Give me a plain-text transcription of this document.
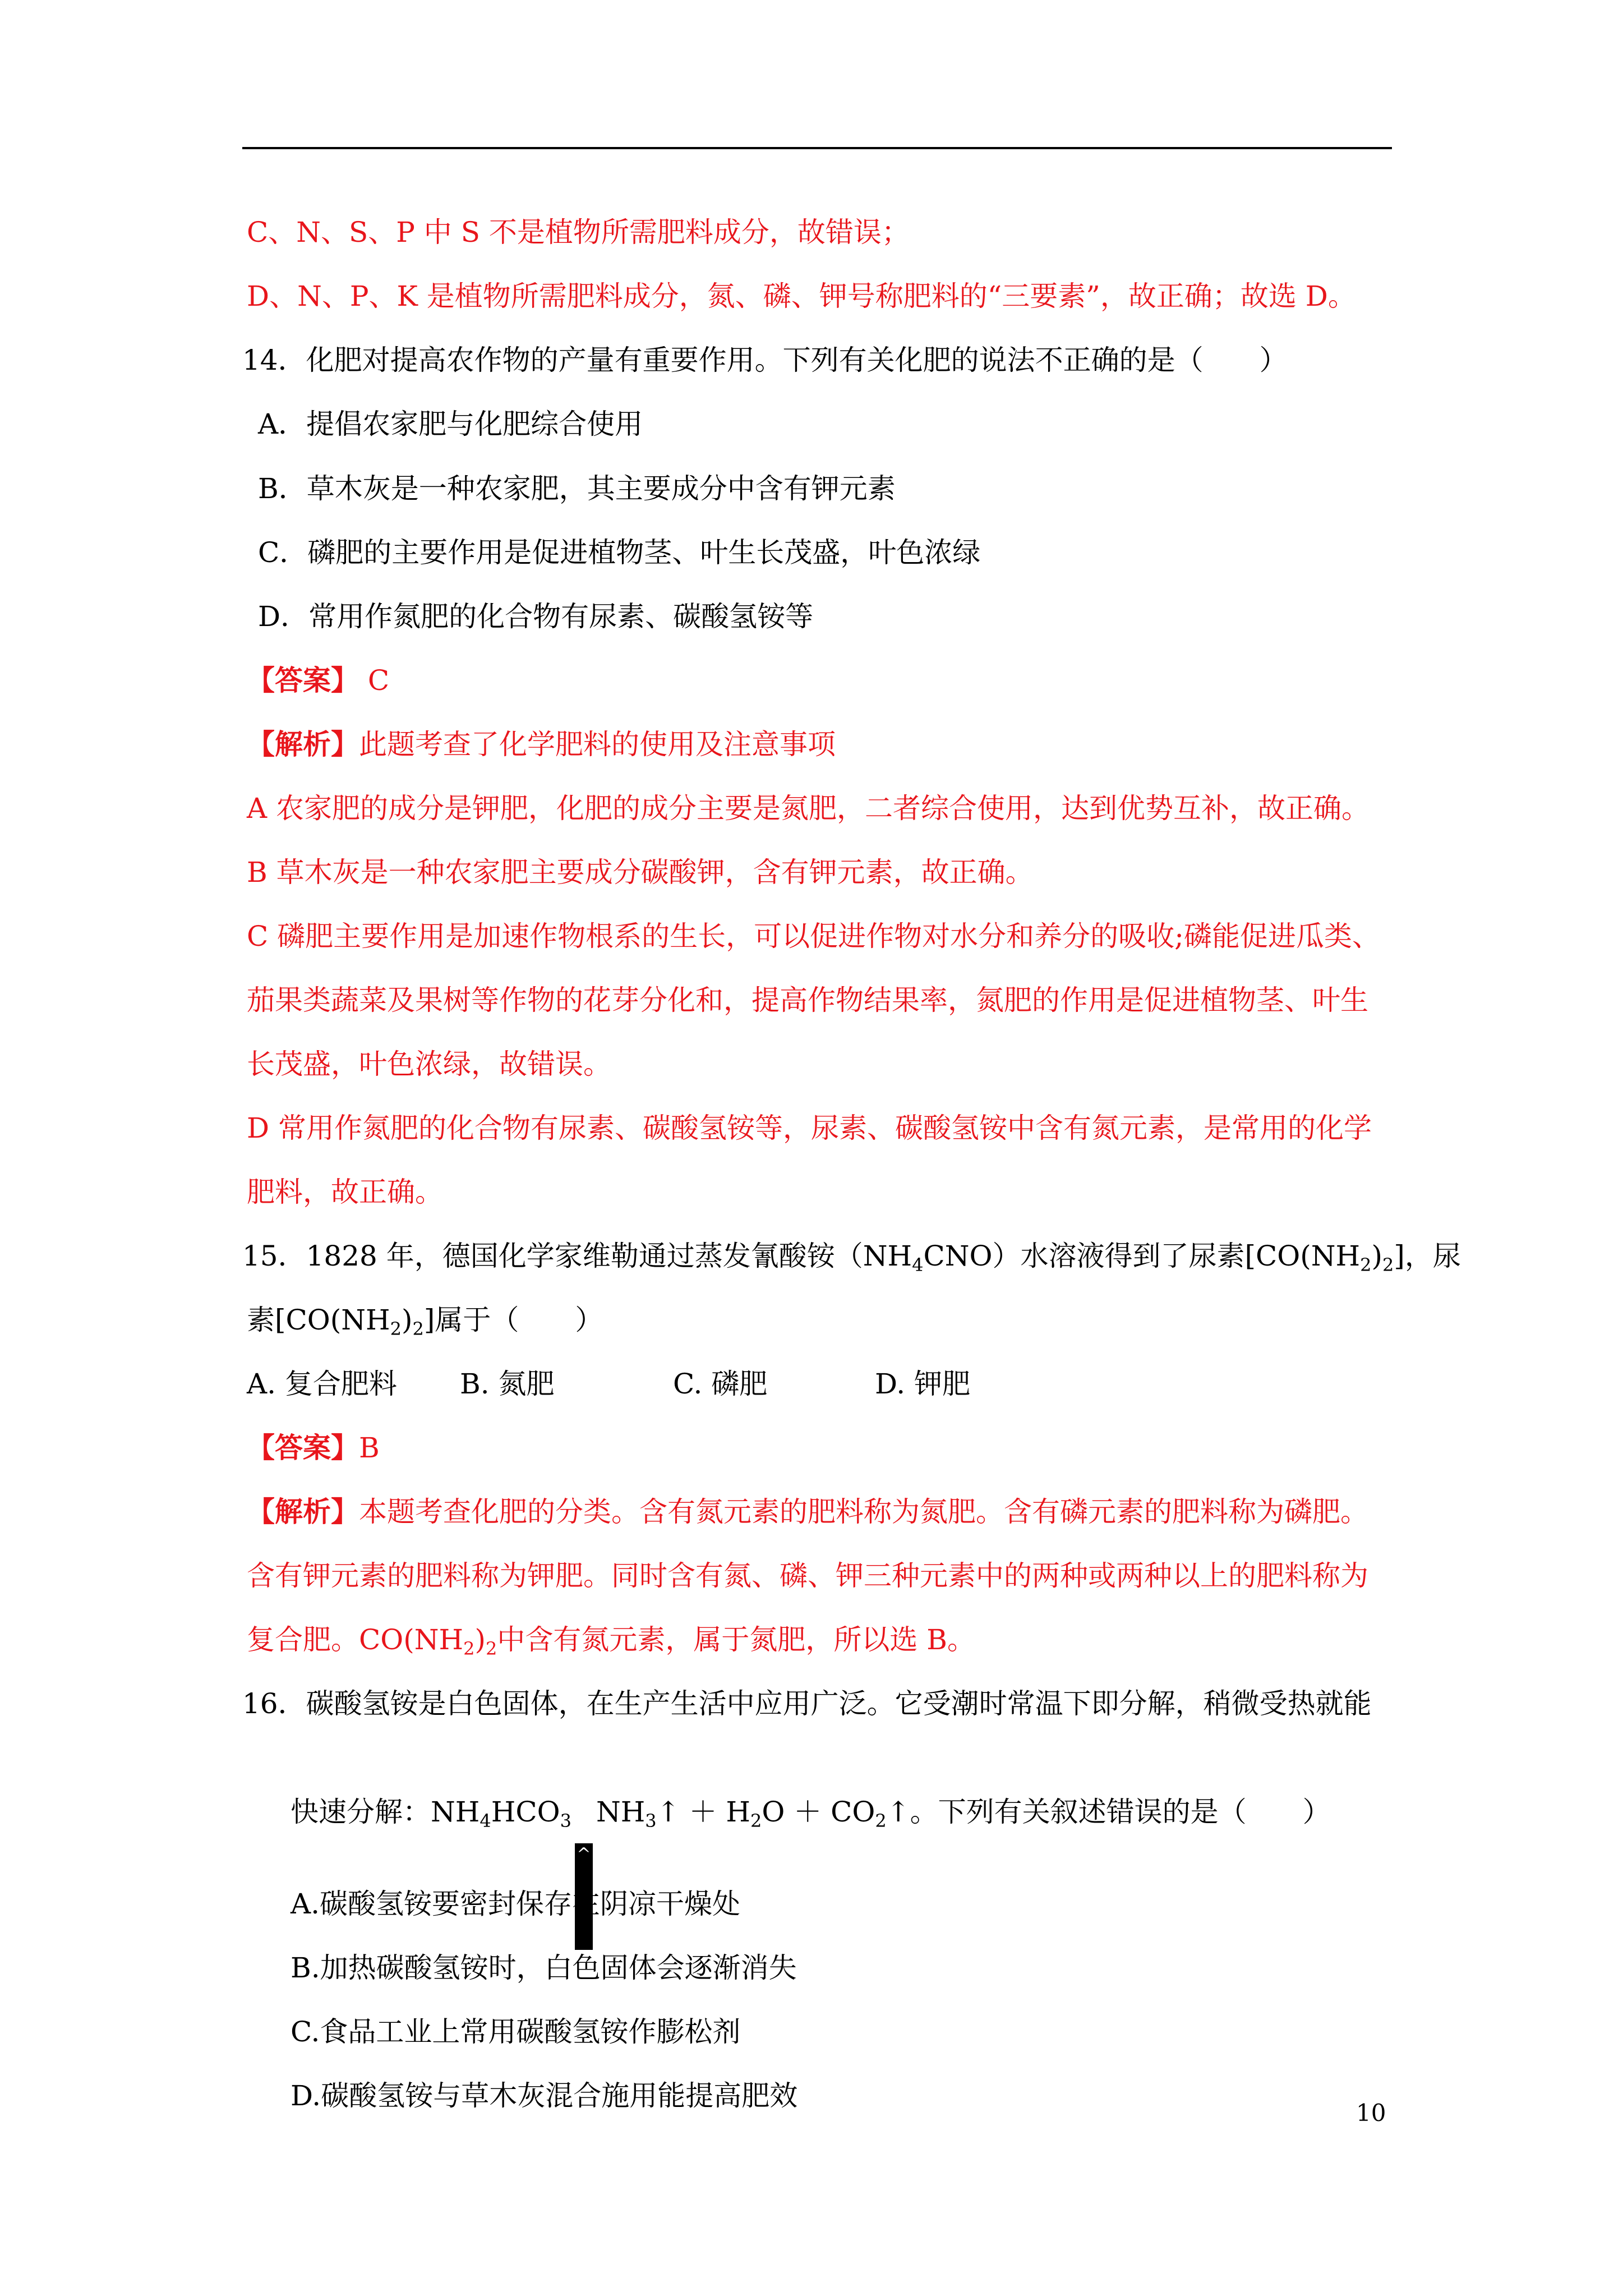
C、N、S、P 中 S 不是植物所需肥料成分，故错误；
D、N、P、K 是植物所需肥料成分，氮、磷、钾号称肥料的“三要素”，故正确；故选 D。
14．化肥对提高农作物的产量有重要作用。下列有关化肥的说法不正确的是（　　）
A．提倡农家肥与化肥综合使用
B．草木灰是一种农家肥，其主要成分中含有钾元素
C．磷肥的主要作用是促进植物茎、叶生长茂盛，叶色浓绿
D．常用作氮肥的化合物有尿素、碳酸氢铵等
【答案】 C
【解析】此题考查了化学肥料的使用及注意事项
A 农家肥的成分是钾肥，化肥的成分主要是氮肥，二者综合使用，达到优势互补，故正确。
B 草木灰是一种农家肥主要成分碳酸钾，含有钾元素，故正确。
C 磷肥主要作用是加速作物根系的生长，可以促进作物对水分和养分的吸收;磷能促进瓜类、
茄果类蔬菜及果树等作物的花芽分化和，提高作物结果率，氮肥的作用是促进植物茎、叶生
长茂盛，叶色浓绿，故错误。
D 常用作氮肥的化合物有尿素、碳酸氢铵等，尿素、碳酸氢铵中含有氮元素，是常用的化学
肥料，故正确。
15．1828 年，德国化学家维勒通过蒸发氰酸铵$(NH_4CNO)$水溶液得到了尿素$[CO(NH_2)_2]$，尿
素$[CO(NH_2)_2]$属于（　　）
A. 复合肥料 B. 氮肥	C. 磷肥	D. 钾肥
【答案】B
【解析】本题考查化肥的分类。含有氮元素的肥料称为氮肥。含有磷元素的肥料称为磷肥。
含有钾元素的肥料称为钾肥。同时含有氮、磷、钾三种元素中的两种或两种以上的肥料称为
复合肥。$CO(NH_2)_2$中含有氮元素，属于氮肥，所以选 B。
16．碳酸氢铵是白色固体，在生产生活中应用广泛。它受潮时常温下即分解，稍微受热就能
快速分解：$NH_4HCO_3\^{}NH_3↑ + H_2O$ ＋ $CO_2↑$。下列有关叙述错误的是（　　）
A.碳酸氢铵要密封保存在阴凉干燥处
B.加热碳酸氢铵时，白色固体会逐渐消失
C.食品工业上常用碳酸氢铵作膨松剂
D.碳酸氢铵与草木灰混合施用能提高肥效
10
